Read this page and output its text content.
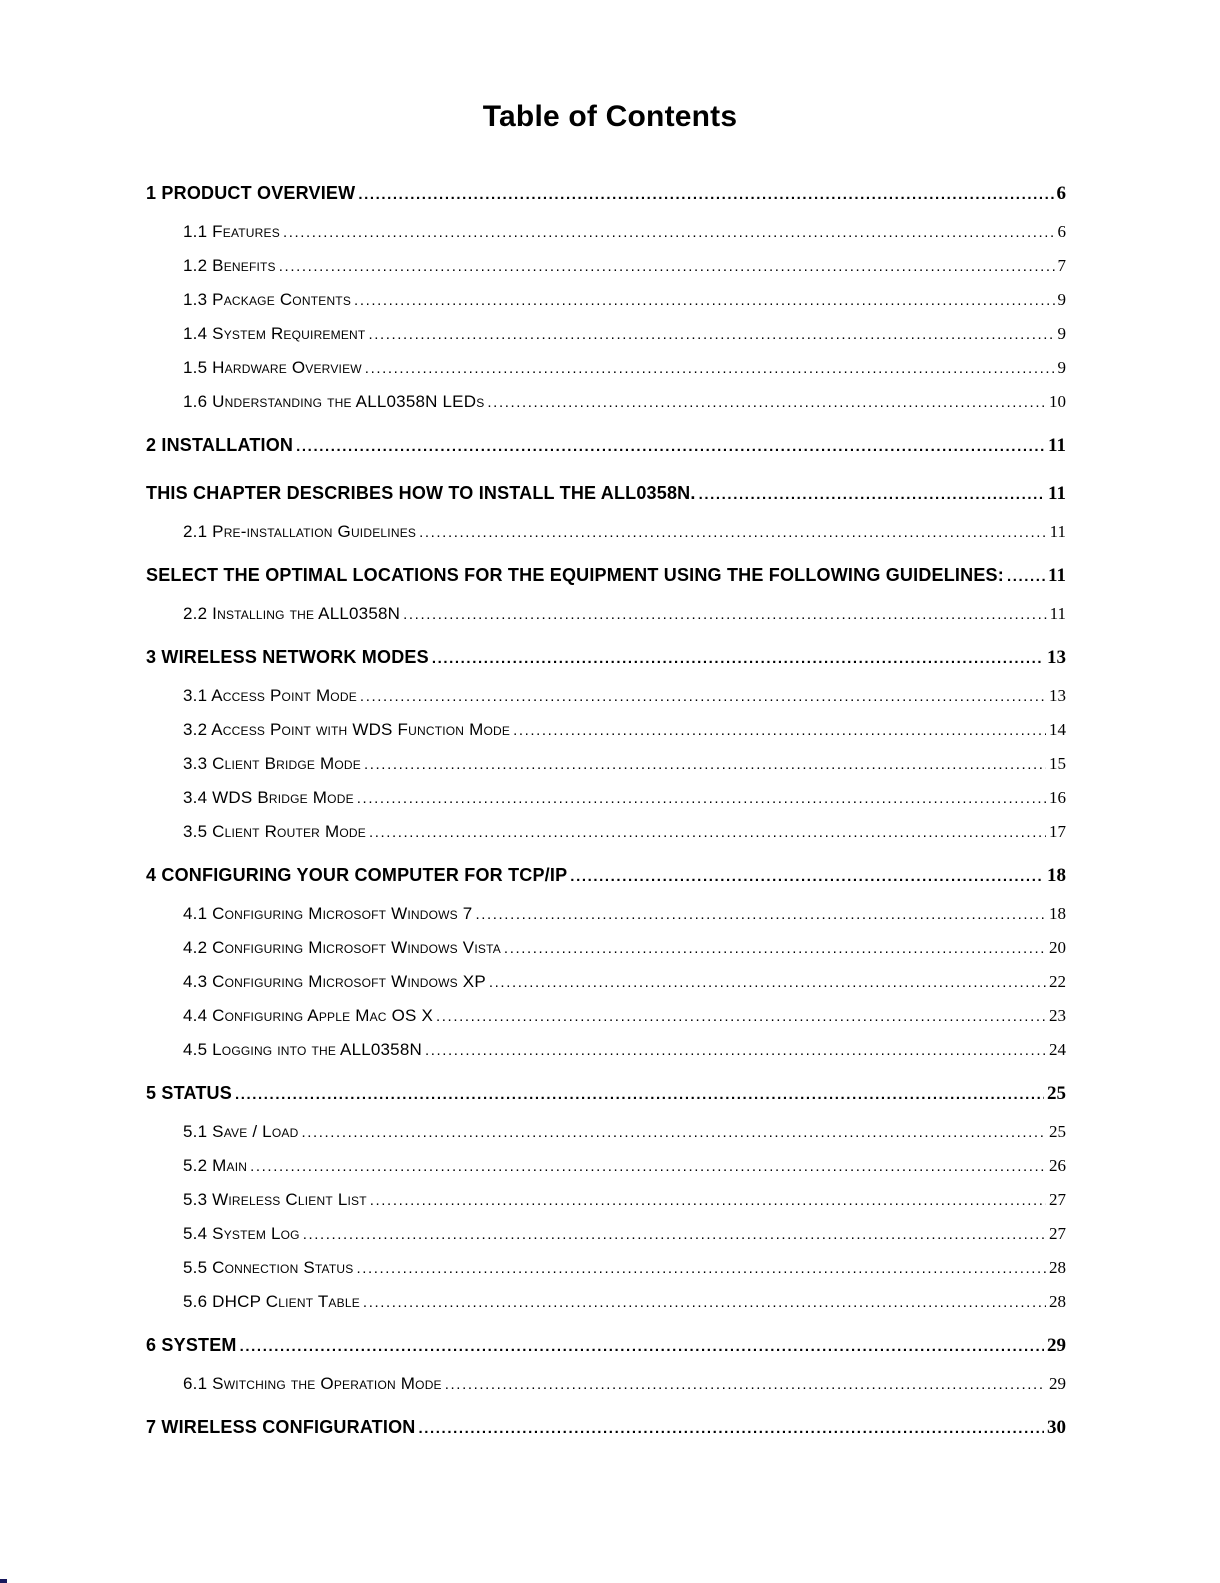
Table of Contents
1 PRODUCT OVERVIEW .....	6
1.1 Features .....	6
1.2 Benefits .....	7
1.3 Package Contents .....	9
1.4 System Requirement .....	9
1.5 Hardware Overview .....	9
1.6 Understanding the ALL0358N LEDs .....	10
2 INSTALLATION .....	11
THIS CHAPTER DESCRIBES HOW TO INSTALL THE ALL0358N. .....	11
2.1 Pre-installation Guidelines .....	11
SELECT THE OPTIMAL LOCATIONS FOR THE EQUIPMENT USING THE FOLLOWING GUIDELINES: ..... 11
2.2 Installing the ALL0358N .....	11
3 WIRELESS NETWORK MODES .....	13
3.1 Access Point Mode .....	13
3.2 Access Point with WDS Function Mode .....	14
3.3 Client Bridge Mode .....	15
3.4 WDS Bridge Mode .....	16
3.5 Client Router Mode .....	17
4 CONFIGURING YOUR COMPUTER FOR TCP/IP .....	18
4.1 Configuring Microsoft Windows 7 .....	18
4.2 Configuring Microsoft Windows Vista .....	20
4.3 Configuring Microsoft Windows XP .....	22
4.4 Configuring Apple Mac OS X .....	23
4.5 Logging into the ALL0358N .....	24
5 STATUS .....	25
5.1 Save / Load .....	25
5.2 Main .....	26
5.3 Wireless Client List .....	27
5.4 System Log .....	27
5.5 Connection Status .....	28
5.6 DHCP Client Table .....	28
6 SYSTEM .....	29
6.1 Switching the Operation Mode .....	29
7 WIRELESS CONFIGURATION .....	30
